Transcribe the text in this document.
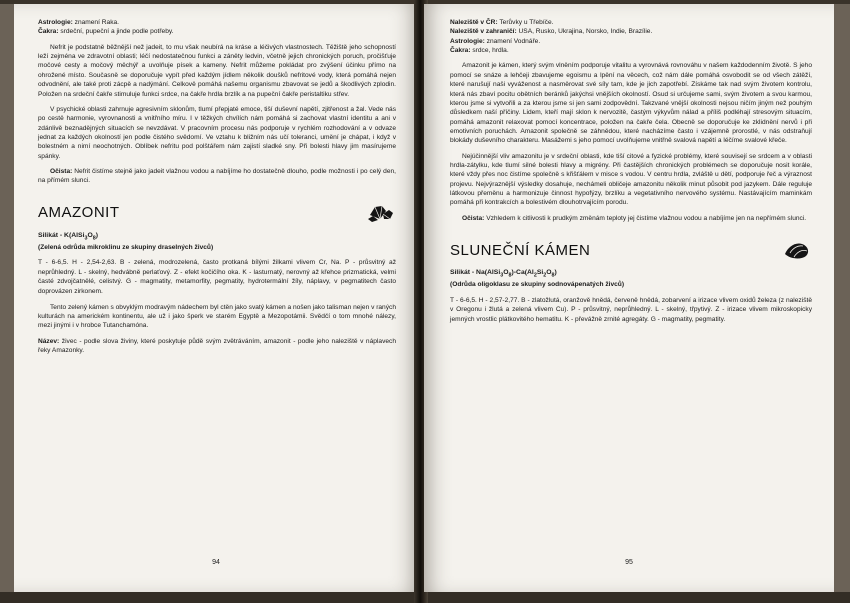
Astrologie: znamení Raka.

Čakra: srdeční, pupeční a jinde podle potřeby.

Nefrit je podstatně běžnější než jadeit, to mu však neubírá na kráse a léčivých vlastnostech. Těžiště jeho schopností leží zejména ve zdravotní oblasti; léčí nedostatečnou funkci a záněty ledvin, včetně jejich chronických poruch, pročišťuje močové cesty a močový měchýř a uvolňuje písek a kameny. Nefrit můžeme pokládat pro zvýšení účinku přímo na ohrožené místo. Současně se doporučuje vypít před každým jídlem několik doušků nefritové vody, která pomáhá nejen odvodnění, ale také proti zácpě a nadýmání. Celkově pomáhá našemu organismu zbavovat se jedů a škodlivých zplodin. Položen na srdeční čakře stimuluje funkci srdce, na čakře hrdla brzlík a na pupeční čakře peristaltiku střev.

V psychické oblasti zahrnuje agresivním sklonům, tlumí přepjaté emoce, tiší duševní napětí, zjitřenost a žal. Vede nás po cestě harmonie, vyrovnanosti a vnitřního míru. I v těžkých chvílích nám pomáhá si zachovat vlastní identitu a ani v zdánlivě beznadějných situacích se nevzdávat. V pracovním procesu nás podporuje v rychlém rozhodování a v odvaze jednat za každých okolností jen podle čistého svědomí. Ve vztahu k bližním nás učí toleranci, umění je chápat, i když v bolestném a nimí neochotných. Oblíbek nefritu pod polštářem nám zajistí sladké sny. Při bolesti hlavy jim masírujeme spánky.

Očista: Nefrit čistíme stejně jako jadeit vlažnou vodou a nabíjíme ho dostatečně dlouho, podle možnosti i po celý den, na přímém slunci.

AMAZONIT

Silikát - $K(AlSi_3O_8)$

(Zelená odrůda mikroklinu ze skupiny draselných živců)

T - 6-6,5. H - 2,54-2,63. B - zelená, modrozelená, často protkaná bílými žilkami vlivem Cr, Na. P - průsvitný až neprůhledný. L - skelný, hedvábně perlaťový. Z - efekt kočičího oka. K - lasturnatý, nerovný až křehce prizmatická, velmi časté zdvojčatnělé, celistvý. G - magmatity, metamorfity, pegmatity, hydrotermální žíly, náplavy, v pegmatitech často doprovázen zirkonem.

Tento zelený kámen s obvyklým modravým nádechem byl ctěn jako svatý kámen a nošen jako talisman nejen v raných kulturách na americkém kontinentu, ale už i jako šperk ve starém Egyptě a Mezopotámii. Svědčí o tom mnohé nálezy, mezi jinými i v hrobce Tutanchamóna.

Název: živec - podle slova živiny, které poskytuje půdě svým zvětráváním, amazonit - podle jeho naleziště v náplavech řeky Amazonky.

94

Naleziště v ČR: Terůvky u Třebíče.

Naleziště v zahraničí: USA, Rusko, Ukrajina, Norsko, Indie, Brazílie.

Astrologie: znamení Vodnáře.

Čakra: srdce, hrdla.

Amazonit je kámen, který svým vlněním podporuje vitalitu a vyrovnává rovnováhu v našem každodenním životě. S jeho pomocí se snáze a lehčeji zbavujeme egoismu a lpění na věcech, což nám dále pomáhá osvobodit se od všech zátěží, které narušují naši vyváženost a nasměrovat své síly tam, kde je jich zapotřebí. Získáme tak nad svým životem kontrolu, která nás zbaví pocitu obětních beránků jakýchsi vnějších okolností. Osud si určujeme sami, svým životem a svou karmou, kterou jsme si vytvořili a za kterou jsme si jen sami zodpovědní. Takzvané vnější okolnosti nejsou ničím jiným než pouhým důsledkem naší příčiny. Lidem, kteří mají sklon k nervozitě, častým výkyvům nálad a příliš podléhají stresovým situacím, pomáhá amazonit relaxovat pomocí koncentrace, položen na čakře čela. Obecně se doporučuje ke zklidnění nervů i při emotivních poruchách. Amazonit společně se záhnědou, které nacházíme často i vzájemně prorostlé, v nás odstraňují blokády duševního charakteru. Masážemi s jeho pomocí uvolňujeme vnitřně svalová napětí a léčíme svalové křeče.

Nejúčinnější vliv amazonitu je v srdeční oblasti, kde tiší citové a fyzické problémy, které souvisejí se srdcem a v oblasti hrdla-zátylku, kde tlumí silné bolesti hlavy a migrény. Při častějších chronických problémech se doporučuje nosit korále, které vždy přes noc čistíme společně s křišťálem v misce s vodou. V centru hrdla, zvláště u dětí, podporuje řeč a výraznost projevu. Nejvýraznější výsledky dosahuje, nechámeli obličeje amazonitu několik minut působit pod jazykem. Dále reguluje látkovou přeměnu a harmonizuje činnost hypofýzy, brzlíku a vegetativního nervového systému. Nastávajícím maminkám pomáhá při kontrakcích a bolestivém dlouhotrvajícím porodu.

Očista: Vzhledem k citlivosti k prudkým změnám teploty jej čistíme vlažnou vodou a nabíjíme jen na nepřímém slunci.

SLUNEČNÍ KÁMEN

Silikát - $Na(AlSi_3O_8)-Ca(Al_2Si_2O_8)$

(Odrůda oligoklasu ze skupiny sodnovápenatých živců)

T - 6-6,5. H - 2,57-2,77. B - zlatožlutá, oranžově hnědá, červeně hnědá, zobarvení a irizace vlivem oxidů železa (z naleziště v Oregonu i žlutá a zelená vlivem Cu). P - průsvitný, neprůhledný. L - skelný, třpytivý. Z - irizace vlivem mikroskopicky jemných vrostlic plátkovitého hematitu. K - převážně zrnité agregáty. G - magmatity, pegmatity.

95
